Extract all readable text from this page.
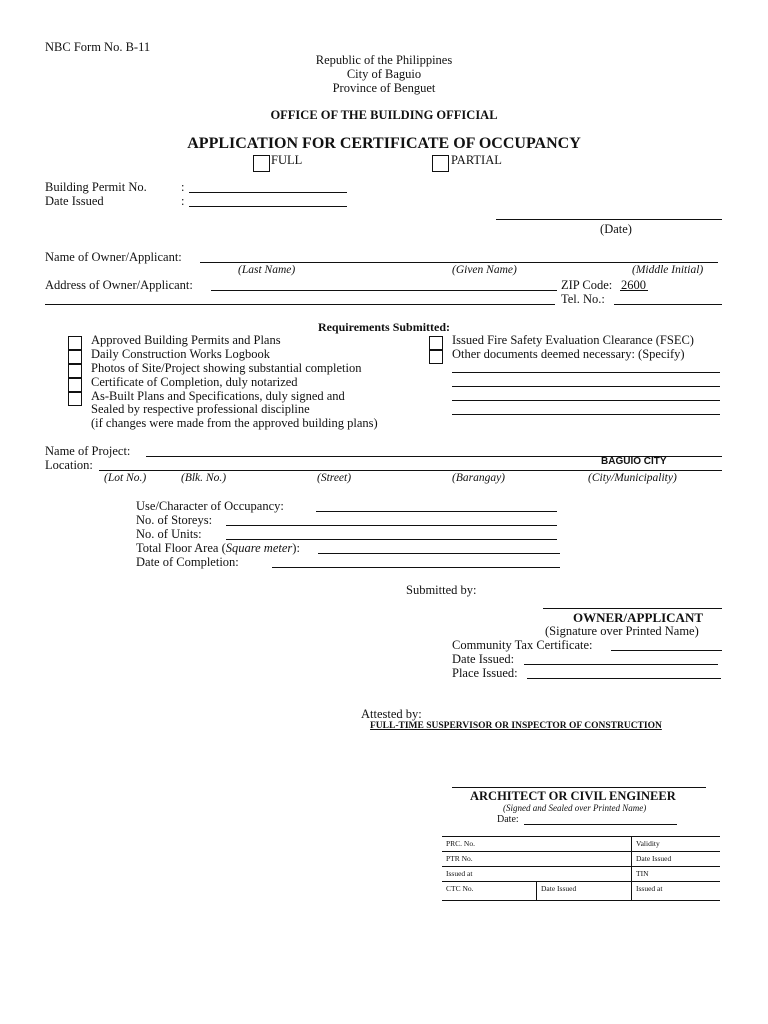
NBC Form No. B-11
Republic of the Philippines
City of Baguio
Province of Benguet
OFFICE OF THE BUILDING OFFICIAL
APPLICATION FOR CERTIFICATE OF OCCUPANCY
FULL	PARTIAL
Building Permit No.	:
Date Issued	:
(Date)
Name of Owner/Applicant:
(Last Name)	(Given Name)	(Middle Initial)
Address of Owner/Applicant:	ZIP Code: 2600
Tel. No.:
Requirements Submitted:
Approved Building Permits and Plans
Daily Construction Works Logbook
Photos of Site/Project showing substantial completion
Certificate of Completion, duly notarized
As-Built Plans and Specifications, duly signed and
Sealed by respective professional discipline
(if changes were made from the approved building plans)
Issued Fire Safety Evaluation Clearance (FSEC)
Other documents deemed necessary: (Specify)
Name of Project:
Location:	BAGUIO CITY
(Lot No.)	(Blk. No.)	(Street)	(Barangay)	(City/Municipality)
Use/Character of Occupancy:
No. of Storeys:
No. of Units:
Total Floor Area (Square meter):
Date of Completion:
Submitted by:
OWNER/APPLICANT
(Signature over Printed Name)
Community Tax Certificate:
Date Issued:
Place Issued:
Attested by:
FULL-TIME SUSPERVISOR OR INSPECTOR OF CONSTRUCTION
ARCHITECT OR CIVIL ENGINEER
(Signed and Sealed over Printed Name)
Date:
PRC. No.		Validity
PTR No.		Date Issued
Issued at		TIN
CTC No.	Date Issued	Issued at
